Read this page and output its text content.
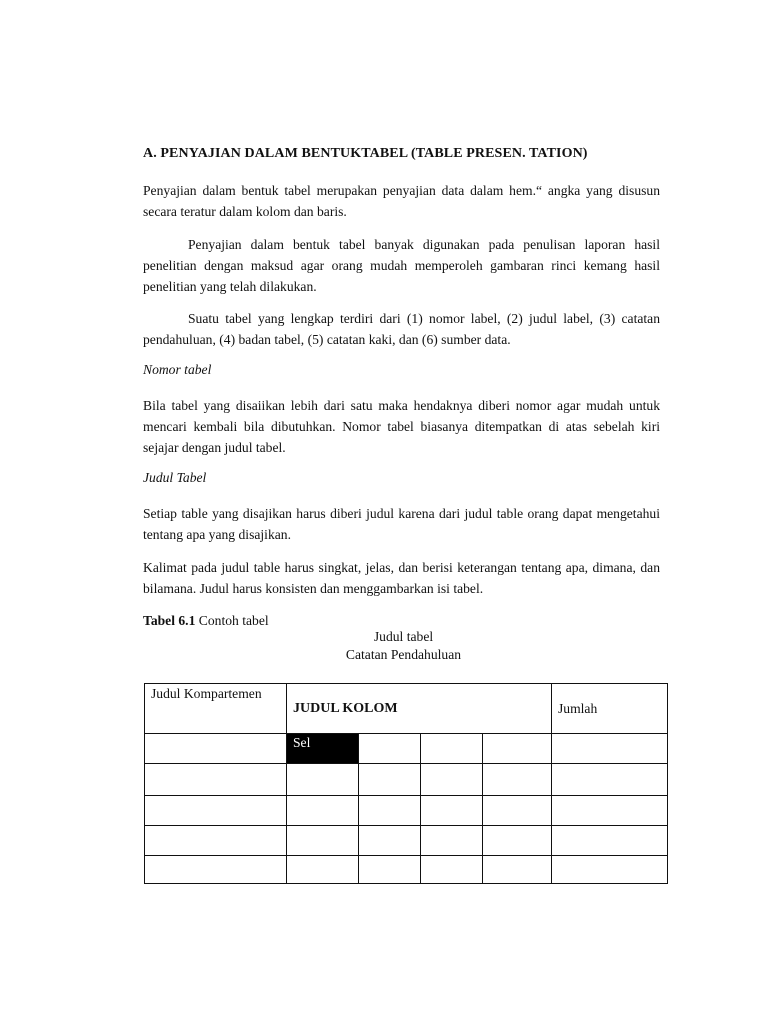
A. PENYAJIAN DALAM BENTUKTABEL (TABLE PRESEN. TATION)

Penyajian dalam bentuk tabel merupakan penyajian data dalam hem.“ angka yang disusun secara teratur dalam kolom dan baris.

Penyajian dalam bentuk tabel banyak digunakan pada penulisan laporan hasil penelitian dengan maksud agar orang mudah memperoleh gambaran rinci kemang hasil penelitian yang telah dilakukan.

Suatu tabel yang lengkap terdiri dari (1) nomor label, (2) judul label, (3) catatan pendahuluan, (4) badan tabel, (5) catatan kaki, dan (6) sumber data.

Nomor tabel

Bila tabel yang disaiikan lebih dari satu maka hendaknya diberi nomor agar mudah untuk mencari kembali bila dibutuhkan. Nomor tabel biasanya ditempatkan di atas sebelah kiri sejajar dengan judul tabel.

Judul Tabel

Setiap table yang disajikan harus diberi judul karena dari judul table orang dapat mengetahui tentang apa yang disajikan.

Kalimat pada judul table harus singkat, jelas, dan berisi keterangan tentang apa, dimana, dan bilamana. Judul harus konsisten dan menggambarkan isi tabel.

Tabel 6.1 Contoh tabel
Judul tabel
Catatan Pendahuluan
Judul Kompartemen	JUDUL KOLOM				Jumlah
	Sel				
